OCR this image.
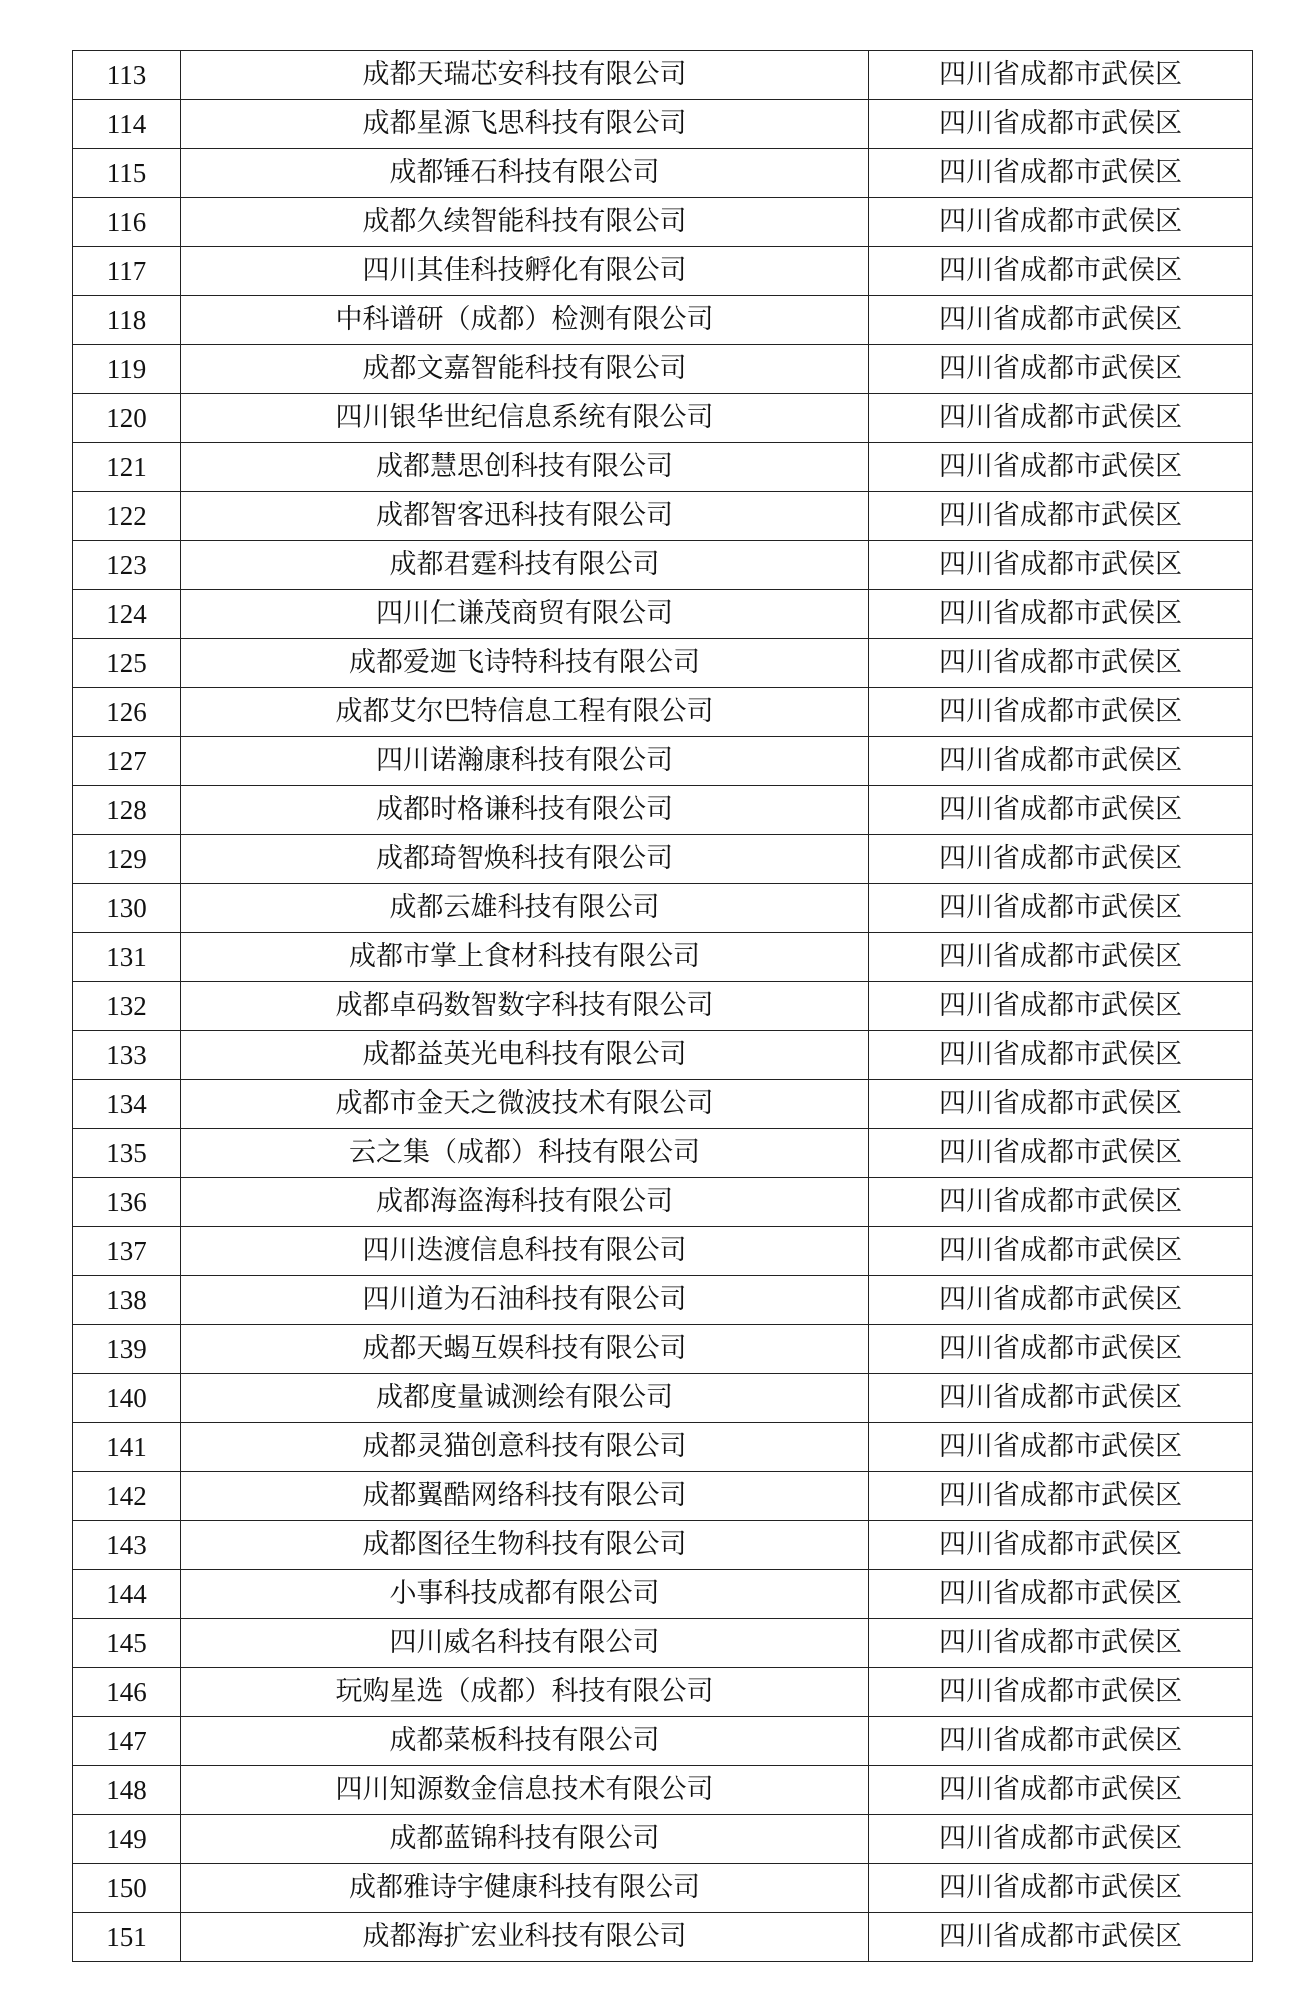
113	成都天瑞芯安科技有限公司	四川省成都市武侯区
114	成都星源飞思科技有限公司	四川省成都市武侯区
115	成都锤石科技有限公司	四川省成都市武侯区
116	成都久续智能科技有限公司	四川省成都市武侯区
117	四川其佳科技孵化有限公司	四川省成都市武侯区
118	中科谱研（成都）检测有限公司	四川省成都市武侯区
119	成都文嘉智能科技有限公司	四川省成都市武侯区
120	四川银华世纪信息系统有限公司	四川省成都市武侯区
121	成都慧思创科技有限公司	四川省成都市武侯区
122	成都智客迅科技有限公司	四川省成都市武侯区
123	成都君霆科技有限公司	四川省成都市武侯区
124	四川仁谦茂商贸有限公司	四川省成都市武侯区
125	成都爱迦飞诗特科技有限公司	四川省成都市武侯区
126	成都艾尔巴特信息工程有限公司	四川省成都市武侯区
127	四川诺瀚康科技有限公司	四川省成都市武侯区
128	成都时格谦科技有限公司	四川省成都市武侯区
129	成都琦智焕科技有限公司	四川省成都市武侯区
130	成都云雄科技有限公司	四川省成都市武侯区
131	成都市掌上食材科技有限公司	四川省成都市武侯区
132	成都卓码数智数字科技有限公司	四川省成都市武侯区
133	成都益英光电科技有限公司	四川省成都市武侯区
134	成都市金天之微波技术有限公司	四川省成都市武侯区
135	云之集（成都）科技有限公司	四川省成都市武侯区
136	成都海盗海科技有限公司	四川省成都市武侯区
137	四川迭渡信息科技有限公司	四川省成都市武侯区
138	四川道为石油科技有限公司	四川省成都市武侯区
139	成都天蝎互娱科技有限公司	四川省成都市武侯区
140	成都度量诚测绘有限公司	四川省成都市武侯区
141	成都灵猫创意科技有限公司	四川省成都市武侯区
142	成都翼酷网络科技有限公司	四川省成都市武侯区
143	成都图径生物科技有限公司	四川省成都市武侯区
144	小事科技成都有限公司	四川省成都市武侯区
145	四川威名科技有限公司	四川省成都市武侯区
146	玩购星选（成都）科技有限公司	四川省成都市武侯区
147	成都菜板科技有限公司	四川省成都市武侯区
148	四川知源数金信息技术有限公司	四川省成都市武侯区
149	成都蓝锦科技有限公司	四川省成都市武侯区
150	成都雅诗宇健康科技有限公司	四川省成都市武侯区
151	成都海扩宏业科技有限公司	四川省成都市武侯区
